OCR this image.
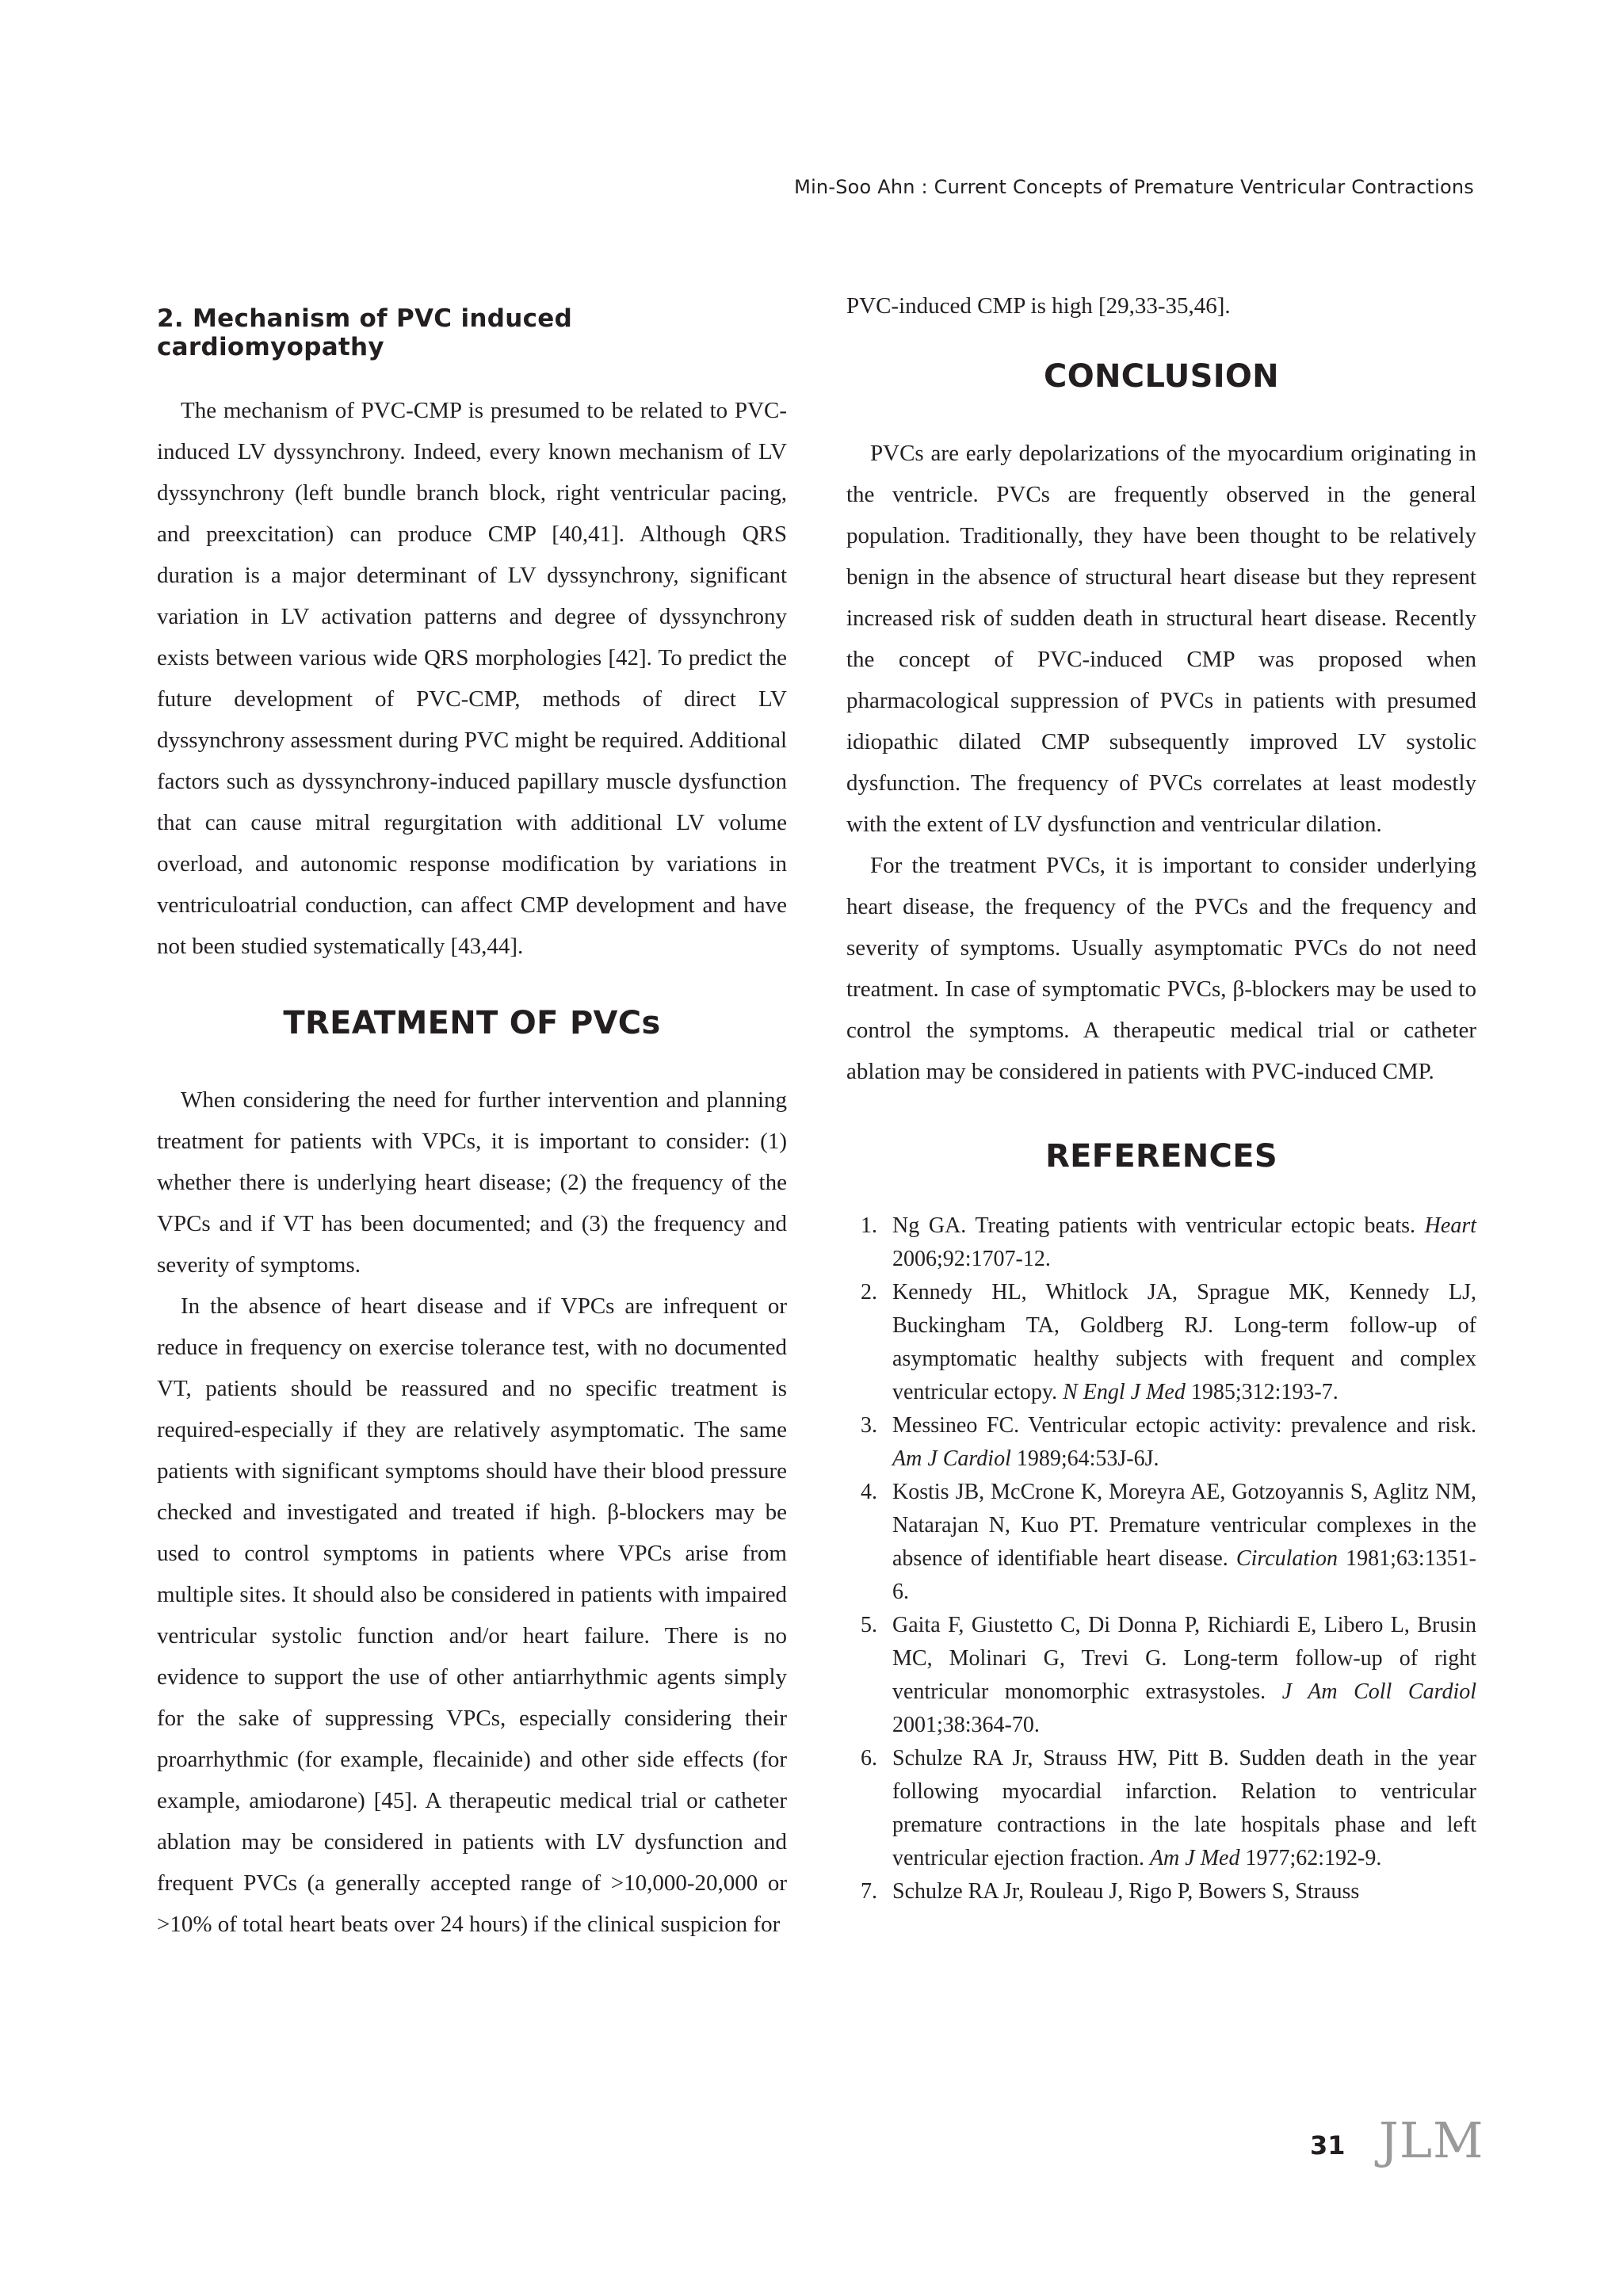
Min-Soo Ahn : Current Concepts of Premature Ventricular Contractions
2. Mechanism of PVC induced cardiomyopathy

The mechanism of PVC-CMP is presumed to be related to PVC-induced LV dyssynchrony. Indeed, every known mechanism of LV dyssynchrony (left bundle branch block, right ventricular pacing, and preexcitation) can produce CMP [40,41]. Although QRS duration is a major determinant of LV dyssynchrony, significant variation in LV activation patterns and degree of dyssynchrony exists between various wide QRS morphologies [42]. To predict the future development of PVC-CMP, methods of direct LV dyssynchrony assessment during PVC might be required. Additional factors such as dyssynchrony-induced papillary muscle dysfunction that can cause mitral regurgitation with additional LV volume overload, and autonomic response modification by variations in ventriculoatrial conduction, can affect CMP development and have not been studied systematically [43,44].

TREATMENT OF PVCs

When considering the need for further intervention and planning treatment for patients with VPCs, it is important to consider: (1) whether there is underlying heart disease; (2) the frequency of the VPCs and if VT has been documented; and (3) the frequency and severity of symptoms.

In the absence of heart disease and if VPCs are infrequent or reduce in frequency on exercise tolerance test, with no documented VT, patients should be reassured and no specific treatment is required-especially if they are relatively asymptomatic. The same patients with significant symptoms should have their blood pressure checked and investigated and treated if high. β-blockers may be used to control symptoms in patients where VPCs arise from multiple sites. It should also be considered in patients with impaired ventricular systolic function and/or heart failure. There is no evidence to support the use of other antiarrhythmic agents simply for the sake of suppressing VPCs, especially considering their proarrhythmic (for example, flecainide) and other side effects (for example, amiodarone) [45]. A therapeutic medical trial or catheter ablation may be considered in patients with LV dysfunction and frequent PVCs (a generally accepted range of >10,000-20,000 or >10% of total heart beats over 24 hours) if the clinical suspicion for

PVC-induced CMP is high [29,33-35,46].

CONCLUSION

PVCs are early depolarizations of the myocardium originating in the ventricle. PVCs are frequently observed in the general population. Traditionally, they have been thought to be relatively benign in the absence of structural heart disease but they represent increased risk of sudden death in structural heart disease. Recently the concept of PVC-induced CMP was proposed when pharmacological suppression of PVCs in patients with presumed idiopathic dilated CMP subsequently improved LV systolic dysfunction. The frequency of PVCs correlates at least modestly with the extent of LV dysfunction and ventricular dilation.

For the treatment PVCs, it is important to consider underlying heart disease, the frequency of the PVCs and the frequency and severity of symptoms. Usually asymptomatic PVCs do not need treatment. In case of symptomatic PVCs, β-blockers may be used to control the symptoms. A therapeutic medical trial or catheter ablation may be considered in patients with PVC-induced CMP.

REFERENCES
1. Ng GA. Treating patients with ventricular ectopic beats. Heart 2006;92:1707-12.
2. Kennedy HL, Whitlock JA, Sprague MK, Kennedy LJ, Buckingham TA, Goldberg RJ. Long-term follow-up of asymptomatic healthy subjects with frequent and complex ventricular ectopy. N Engl J Med 1985;312:193-7.
3. Messineo FC. Ventricular ectopic activity: prevalence and risk. Am J Cardiol 1989;64:53J-6J.
4. Kostis JB, McCrone K, Moreyra AE, Gotzoyannis S, Aglitz NM, Natarajan N, Kuo PT. Premature ventricular complexes in the absence of identifiable heart disease. Circulation 1981;63:1351-6.
5. Gaita F, Giustetto C, Di Donna P, Richiardi E, Libero L, Brusin MC, Molinari G, Trevi G. Long-term follow-up of right ventricular monomorphic extrasystoles. J Am Coll Cardiol 2001;38:364-70.
6. Schulze RA Jr, Strauss HW, Pitt B. Sudden death in the year following myocardial infarction. Relation to ventricular premature contractions in the late hospitals phase and left ventricular ejection fraction. Am J Med 1977;62:192-9.
7. Schulze RA Jr, Rouleau J, Rigo P, Bowers S, Strauss
31 JLM
